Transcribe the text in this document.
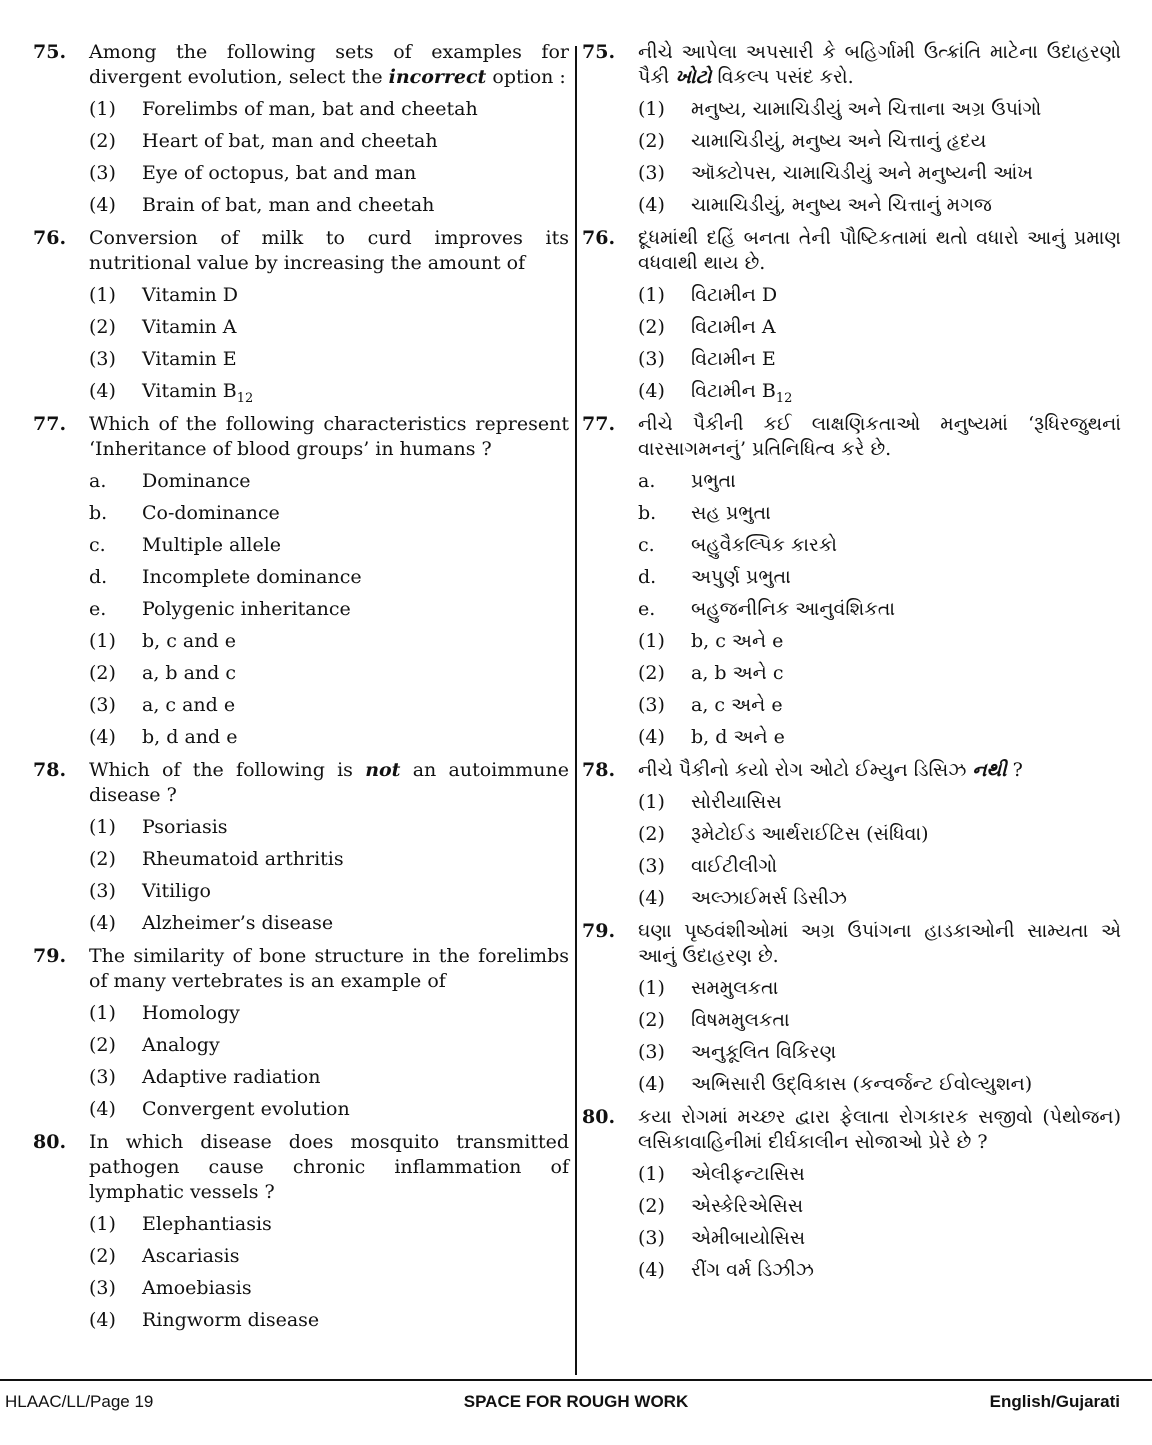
75. Among the following sets of examples for divergent evolution, select the incorrect option :
(1) Forelimbs of man, bat and cheetah
(2) Heart of bat, man and cheetah
(3) Eye of octopus, bat and man
(4) Brain of bat, man and cheetah
76. Conversion of milk to curd improves its nutritional value by increasing the amount of
(1) Vitamin D
(2) Vitamin A
(3) Vitamin E
(4) Vitamin $B_{12}$
77. Which of the following characteristics represent ‘Inheritance of blood groups’ in humans ?
a. Dominance
b. Co-dominance
c. Multiple allele
d. Incomplete dominance
e. Polygenic inheritance
(1) b, c and e
(2) a, b and c
(3) a, c and e
(4) b, d and e
78. Which of the following is not an autoimmune disease ?
(1) Psoriasis
(2) Rheumatoid arthritis
(3) Vitiligo
(4) Alzheimer’s disease
79. The similarity of bone structure in the forelimbs of many vertebrates is an example of
(1) Homology
(2) Analogy
(3) Adaptive radiation
(4) Convergent evolution
80. In which disease does mosquito transmitted pathogen cause chronic inflammation of lymphatic vessels ?
(1) Elephantiasis
(2) Ascariasis
(3) Amoebiasis
(4) Ringworm disease
75. નીચે આપેલા અપસારી કે બહિર્ગામી ઉત્ક્રાંતિ માટેના ઉદાહરણો પૈકી ખોટો વિકલ્પ પસંદ કરો.
(1) મનુષ્ય, ચામાચિડીયું અને ચિત્તાના અગ્ર ઉપાંગો
(2) ચામાચિડીયું, મનુષ્ય અને ચિત્તાનું હૃદય
(3) ઑક્ટોપસ, ચામાચિડીયું અને મનુષ્યની આંખ
(4) ચામાચિડીયું, મનુષ્ય અને ચિત્તાનું મગજ
76. દૂધમાંથી દહિં બનતા તેની પૌષ્ટિકતામાં થતો વધારો આનું પ્રમાણ વધવાથી થાય છે.
(1) વિટામીન D
(2) વિટામીન A
(3) વિટામીન E
(4) વિટામીન $B_{12}$
77. નીચે પૈકીની કઈ લાક્ષણિકતાઓ મનુષ્યમાં ‘રૂધિરજુથનાં વારસાગમનનું’ પ્રતિનિધિત્વ કરે છે.
a. પ્રભુતા
b. સહ પ્રભુતા
c. બહુવૈકલ્પિક કારકો
d. અપુર્ણ પ્રભુતા
e. બહુજનીનિક આનુવંશિકતા
(1) b, c અને e
(2) a, b અને c
(3) a, c અને e
(4) b, d અને e
78. નીચે પૈકીનો કયો રોગ ઓટો ઈમ્યુન ડિસિઝ નથી ?
(1) સોરીયાસિસ
(2) રૂમેટોઈડ આર્થરાઈટિસ (સંધિવા)
(3) વાઈટીલીગો
(4) અલ્ઝાઈમર્સ ડિસીઝ
79. ઘણા પૃષ્ઠવંશીઓમાં અગ્ર ઉપાંગના હાડકાઓની સામ્યતા એ આનું ઉદાહરણ છે.
(1) સમમુલકતા
(2) વિષમમુલકતા
(3) અનુકૂલિત વિકિરણ
(4) અભિસારી ઉદ્‌વિકાસ (કન્વર્જન્ટ ઈવોલ્યુશન)
80. કયા રોગમાં મચ્છર દ્વારા ફેલાતા રોગકારક સજીવો (પેથોજન) લસિકાવાહિનીમાં દીર્ઘકાલીન સોજાઓ પ્રેરે છે ?
(1) એલીફન્ટાસિસ
(2) એસ્કેરિએસિસ
(3) એમીબાયોસિસ
(4) રીંગ વર્મ ડિઝીઝ
HLAAC/LL/Page 19	SPACE FOR ROUGH WORK	English/Gujarati
